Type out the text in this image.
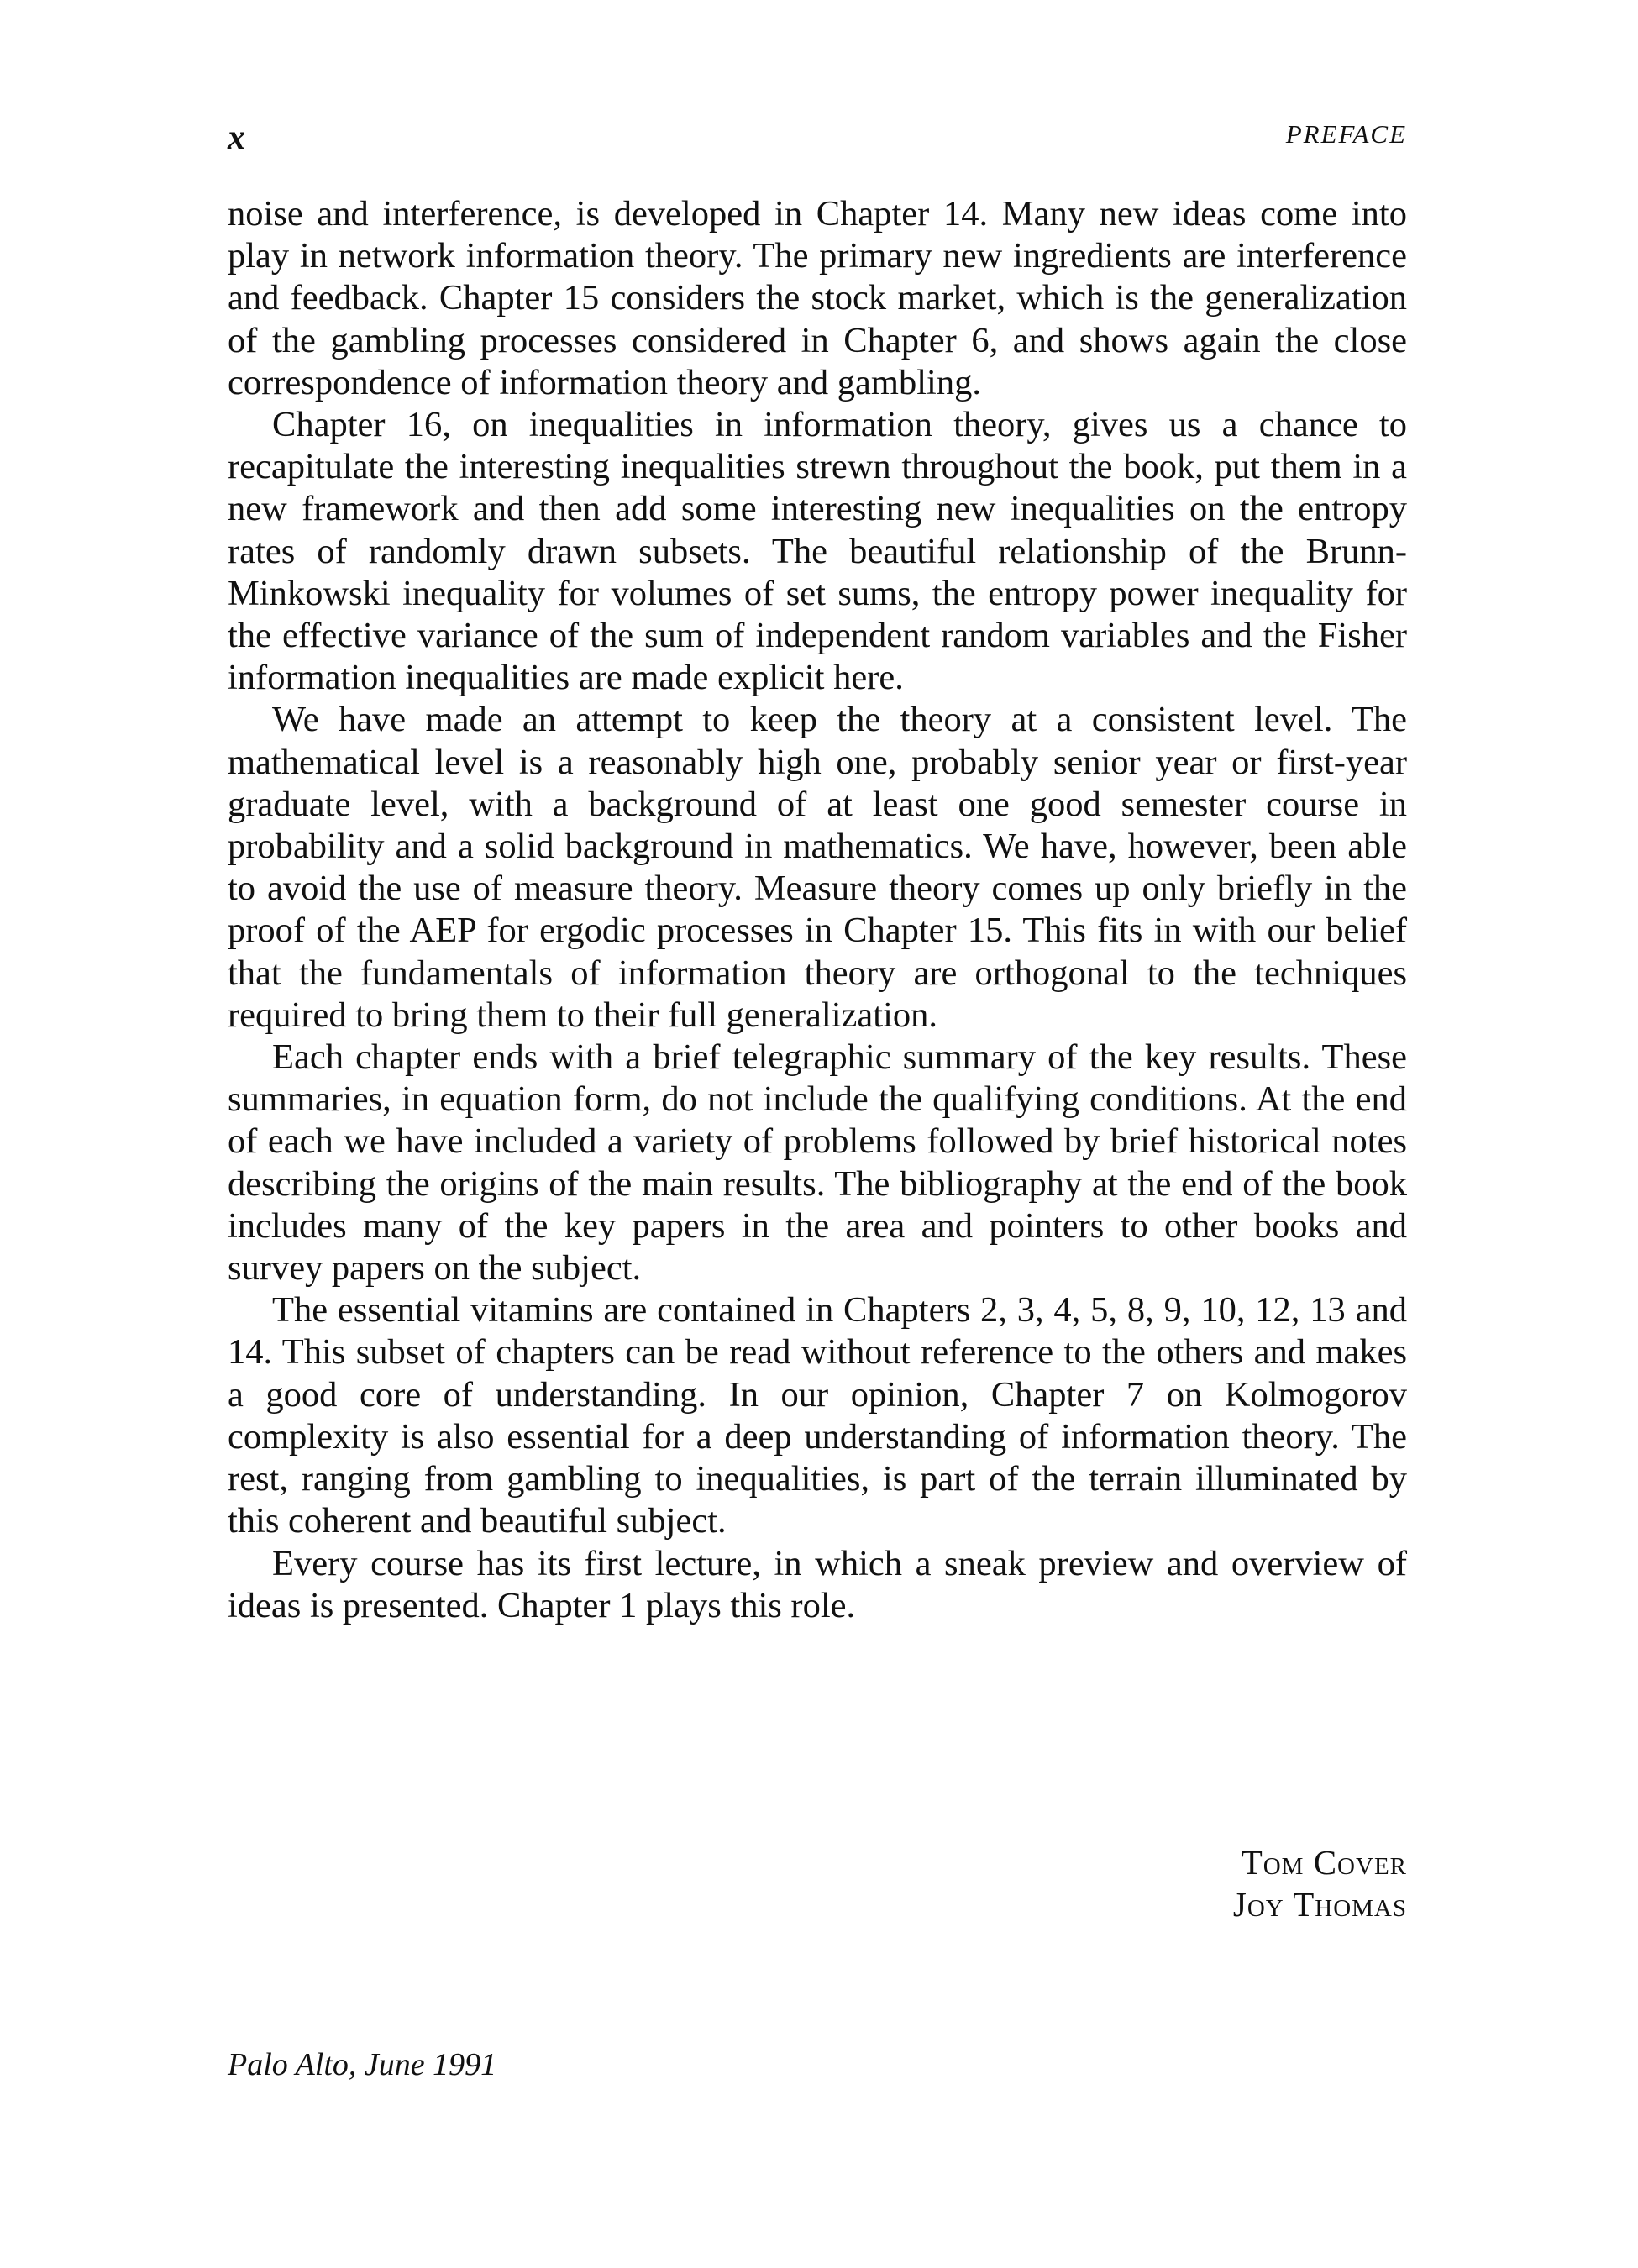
x	PREFACE

noise and interference, is developed in Chapter 14. Many new ideas come into play in network information theory. The primary new ingredients are interference and feedback. Chapter 15 considers the stock market, which is the generalization of the gambling processes considered in Chapter 6, and shows again the close correspondence of information theory and gambling.

Chapter 16, on inequalities in information theory, gives us a chance to recapitulate the interesting inequalities strewn throughout the book, put them in a new framework and then add some interesting new inequalities on the entropy rates of randomly drawn subsets. The beautiful relationship of the Brunn-Minkowski inequality for volumes of set sums, the entropy power inequality for the effective variance of the sum of independent random variables and the Fisher information inequalities are made explicit here.

We have made an attempt to keep the theory at a consistent level. The mathematical level is a reasonably high one, probably senior year or first-year graduate level, with a background of at least one good semester course in probability and a solid background in mathematics. We have, however, been able to avoid the use of measure theory. Measure theory comes up only briefly in the proof of the AEP for ergodic processes in Chapter 15. This fits in with our belief that the fundamentals of information theory are orthogonal to the techniques required to bring them to their full generalization.

Each chapter ends with a brief telegraphic summary of the key results. These summaries, in equation form, do not include the qualifying conditions. At the end of each we have included a variety of problems followed by brief historical notes describing the origins of the main results. The bibliography at the end of the book includes many of the key papers in the area and pointers to other books and survey papers on the subject.

The essential vitamins are contained in Chapters 2, 3, 4, 5, 8, 9, 10, 12, 13 and 14. This subset of chapters can be read without reference to the others and makes a good core of understanding. In our opinion, Chapter 7 on Kolmogorov complexity is also essential for a deep understanding of information theory. The rest, ranging from gambling to inequalities, is part of the terrain illuminated by this coherent and beautiful subject.

Every course has its first lecture, in which a sneak preview and overview of ideas is presented. Chapter 1 plays this role.

Tom Cover
Joy Thomas
Palo Alto, June 1991
